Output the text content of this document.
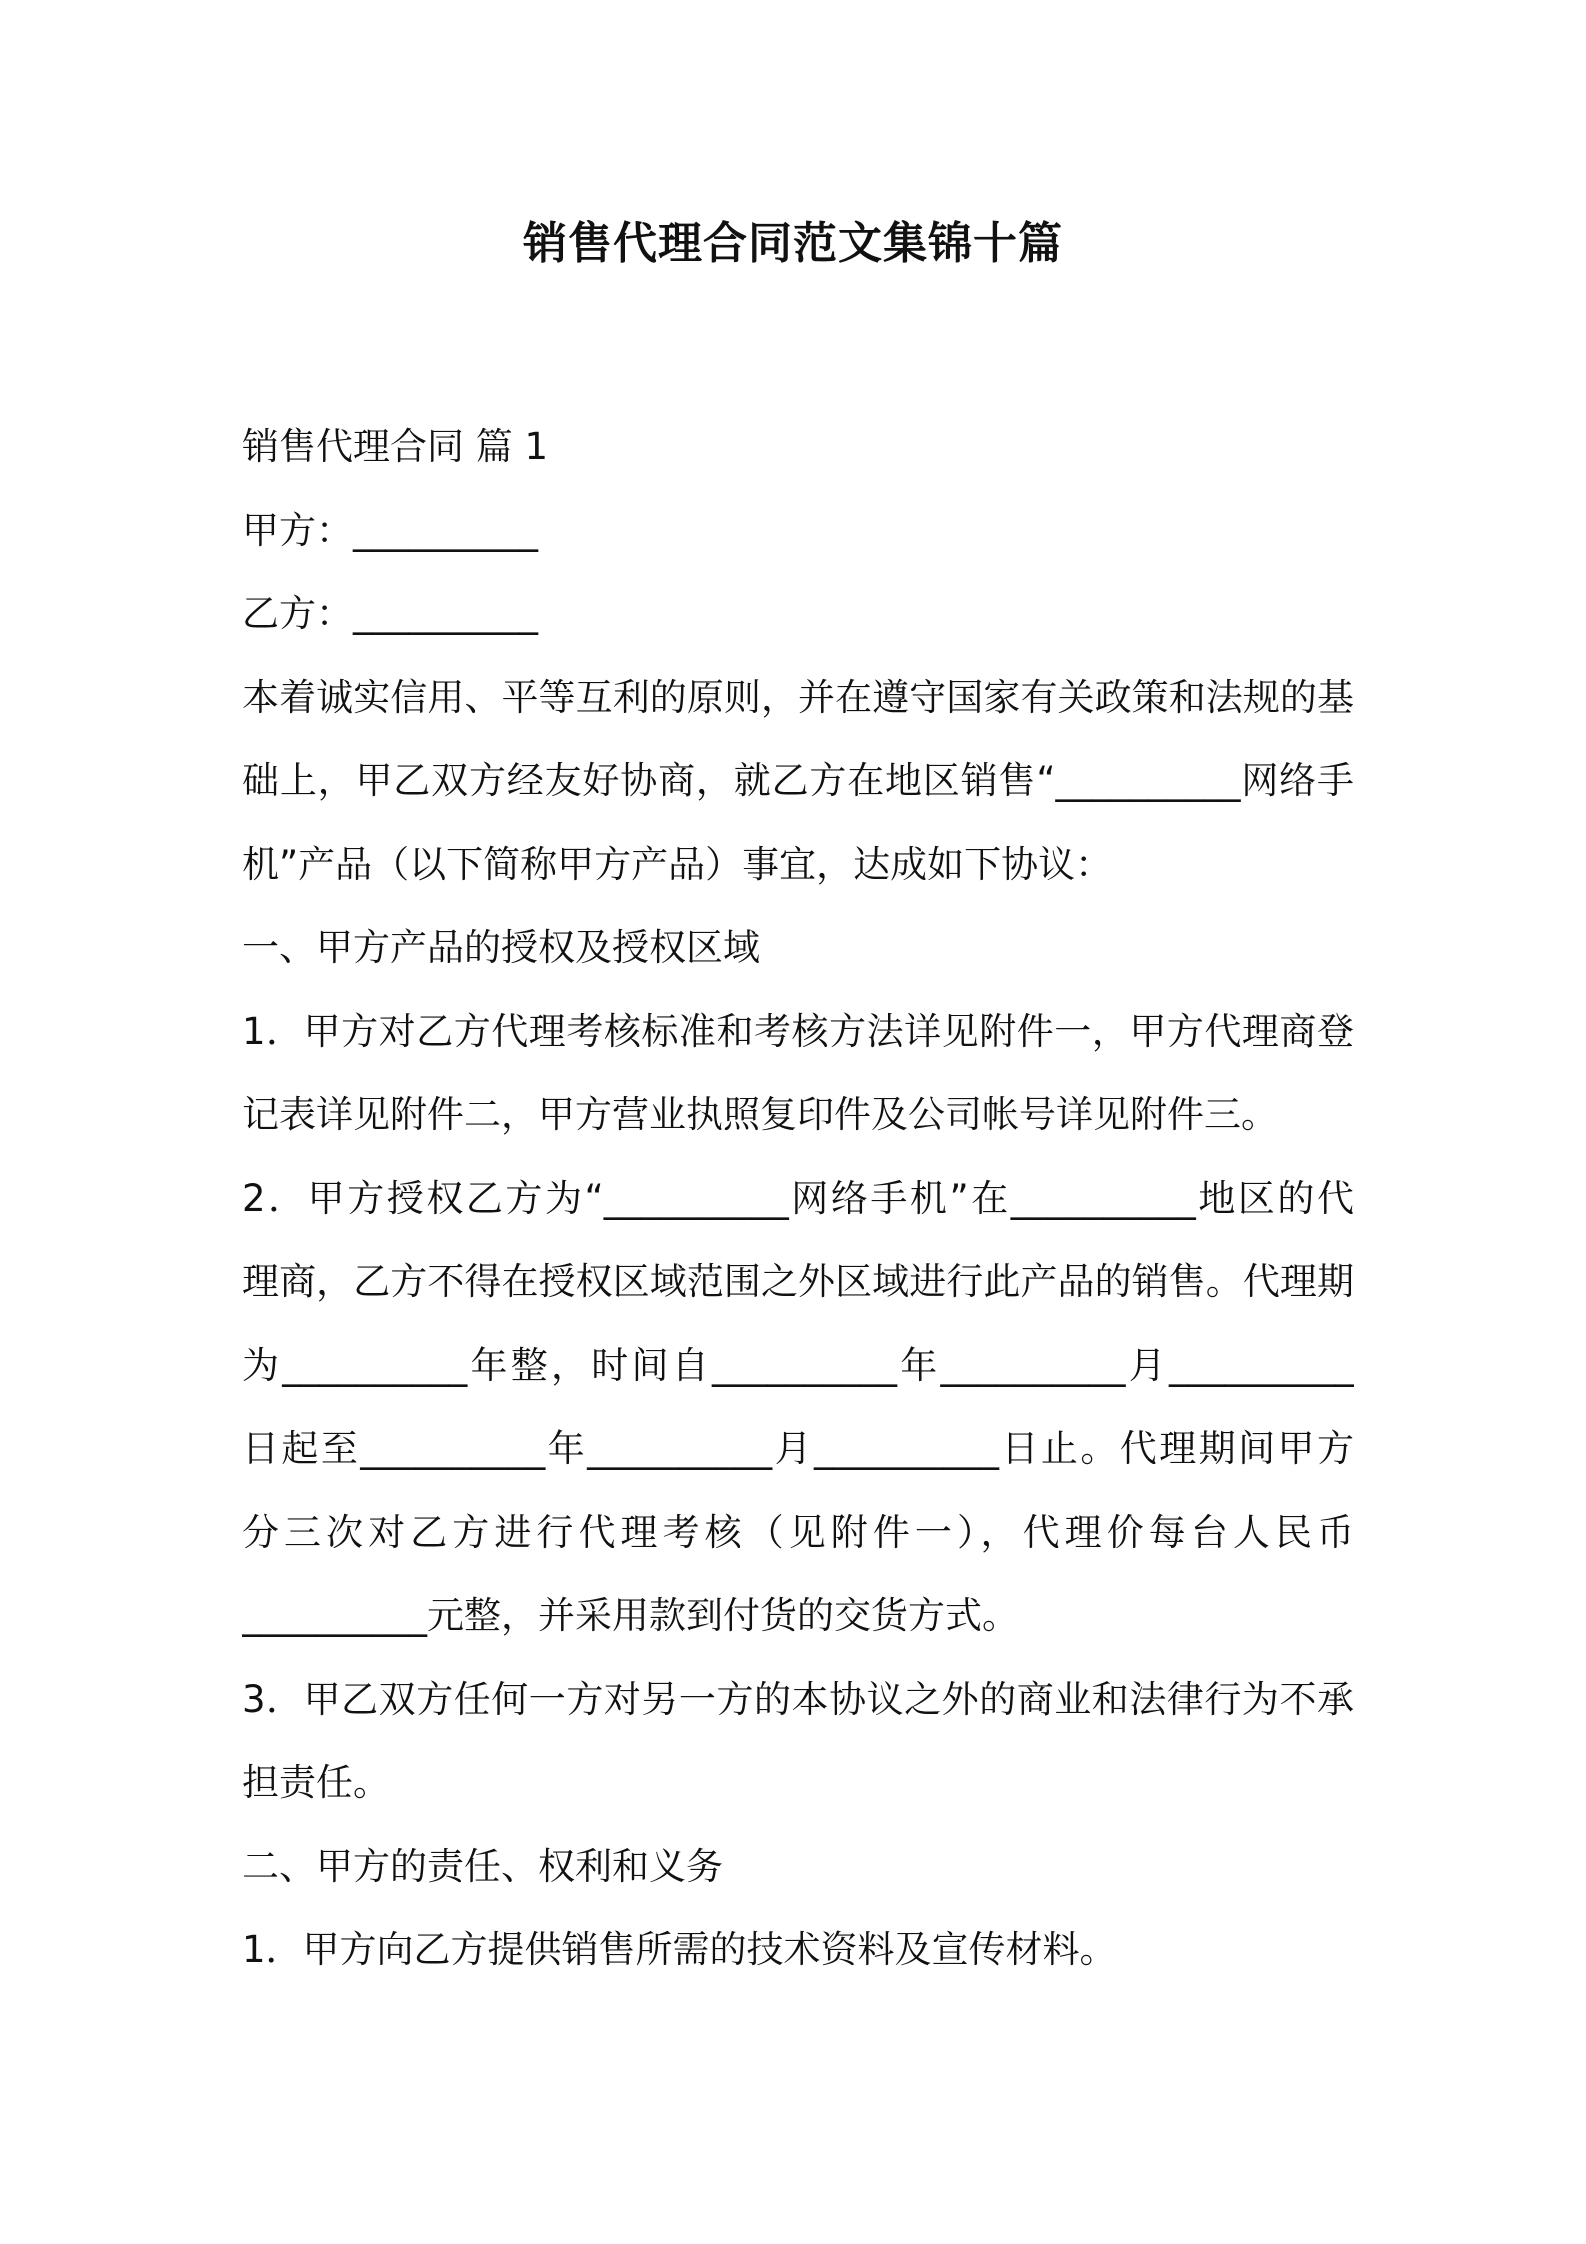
销售代理合同范文集锦十篇
销售代理合同 篇 1
甲方：__________
乙方：__________
本着诚实信用、平等互利的原则，并在遵守国家有关政策和法规的基
础上，甲乙双方经友好协商，就乙方在地区销售“__________网络手
机”产品（以下简称甲方产品）事宜，达成如下协议：
一、甲方产品的授权及授权区域
1．甲方对乙方代理考核标准和考核方法详见附件一，甲方代理商登
记表详见附件二，甲方营业执照复印件及公司帐号详见附件三。
2．甲方授权乙方为“__________网络手机”在__________地区的代
理商，乙方不得在授权区域范围之外区域进行此产品的销售。代理期
为__________年整，时间自__________年__________月__________
日起至__________年__________月__________日止。代理期间甲方
分三次对乙方进行代理考核（见附件一），代理价每台人民币
__________元整，并采用款到付货的交货方式。
3．甲乙双方任何一方对另一方的本协议之外的商业和法律行为不承
担责任。
二、甲方的责任、权利和义务
1．甲方向乙方提供销售所需的技术资料及宣传材料。
